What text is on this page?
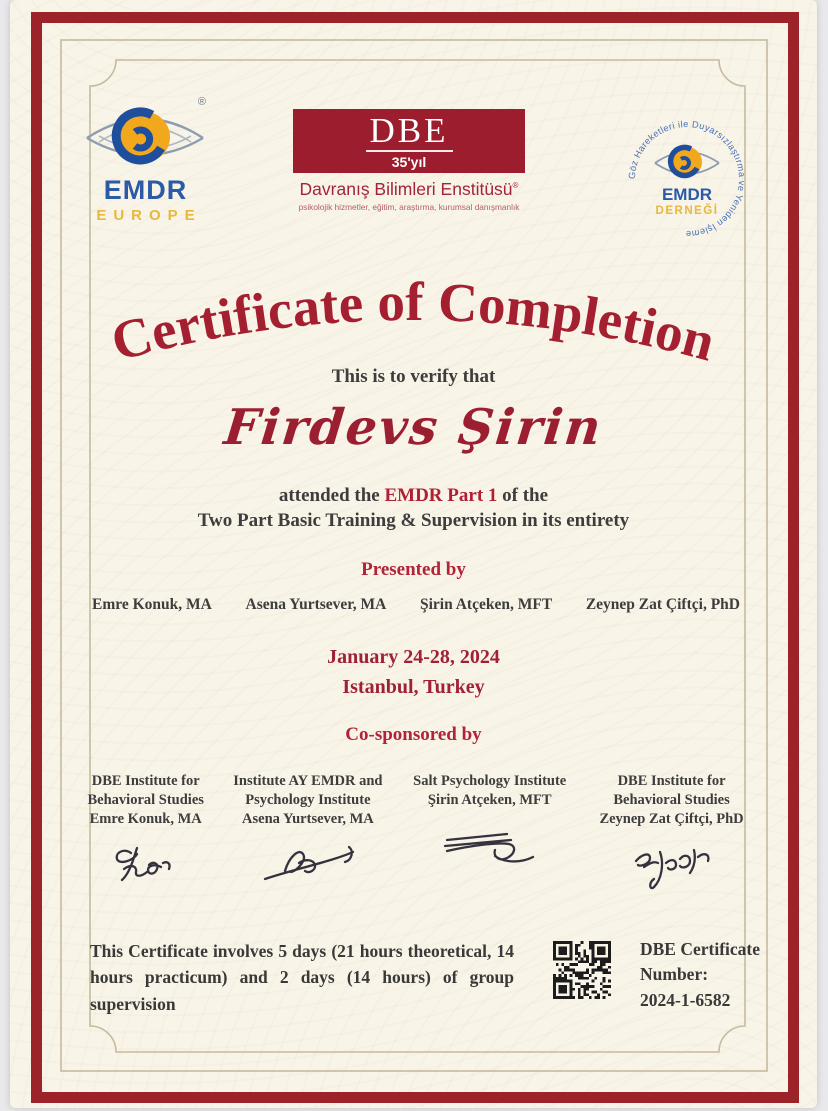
®
EMDR
EUROPE
DBE
35'yıl
Davranış Bilimleri Enstitüsü®
psikolojik hizmetler, eğitim, araştırma, kurumsal danışmanlık
Göz Hareketleri ile Duyarsızlaştırma ve Yeniden İşleme
EMDR
DERNEĞİ
Certificate of Completion
This is to verify that
Firdevs Şirin
attended the EMDR Part 1 of the
Two Part Basic Training & Supervision in its entirety
Presented by
Emre Konuk, MA Asena Yurtsever, MA Şirin Atçeken, MFT Zeynep Zat Çiftçi, PhD
January 24-28, 2024
Istanbul, Turkey
Co-sponsored by
DBE Institute for
Behavioral Studies
Emre Konuk, MA
Institute AY EMDR and
Psychology Institute
Asena Yurtsever, MA
Salt Psychology Institute
Şirin Atçeken, MFT
DBE Institute for
Behavioral Studies
Zeynep Zat Çiftçi, PhD
This Certificate involves 5 days (21 hours theoretical, 14 hours practicum) and 2 days (14 hours) of group supervision
DBE Certificate Number:
2024-1-6582
